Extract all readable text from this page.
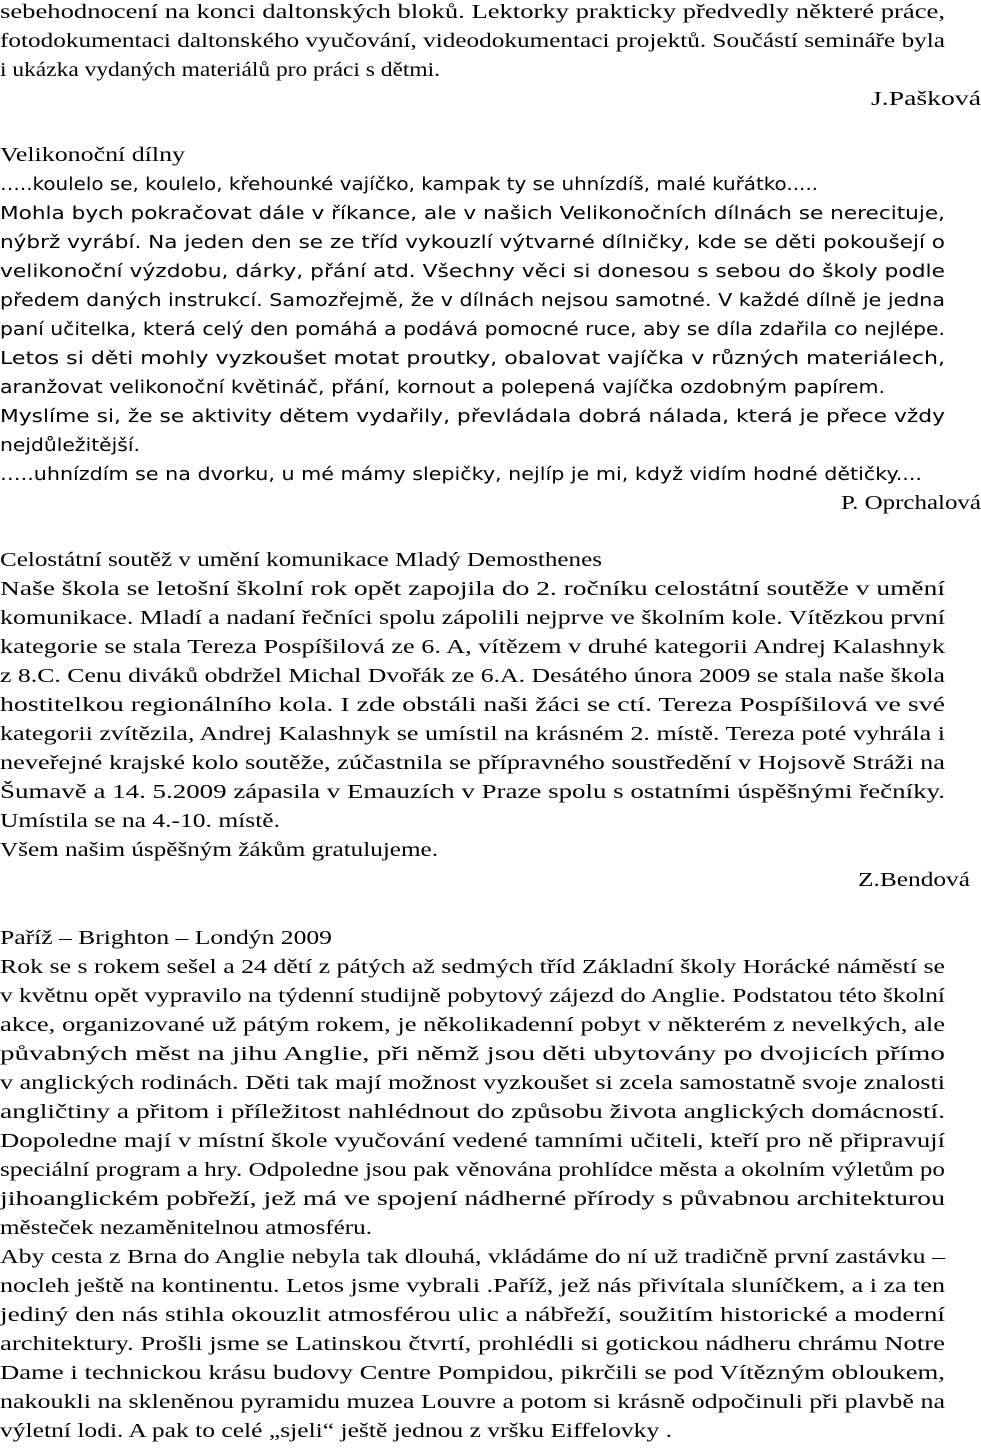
sebehodnocení na konci daltonských bloků. Lektorky prakticky předvedly některé práce,
fotodokumentaci daltonského vyučování, videodokumentaci projektů. Součástí semináře byla
i ukázka vydaných materiálů pro práci s dětmi.
J.Pašková
Velikonoční dílny
…..koulelo se, koulelo, křehounké vajíčko, kampak ty se uhnízdíš, malé kuřátko.....
Mohla bych pokračovat dále v říkance, ale v našich Velikonočních dílnách se nerecituje,
nýbrž vyrábí. Na jeden den se ze tříd vykouzlí výtvarné dílničky, kde se děti pokoušejí o
velikonoční výzdobu, dárky, přání atd. Všechny věci si donesou s sebou do školy podle
předem daných instrukcí. Samozřejmě, že v dílnách nejsou samotné. V každé dílně je jedna
paní učitelka, která celý den pomáhá a podává pomocné ruce, aby se díla zdařila co nejlépe.
Letos si děti mohly vyzkoušet motat proutky, obalovat vajíčka v různých materiálech,
aranžovat velikonoční květináč, přání, kornout a polepená vajíčka ozdobným papírem.
Myslíme si, že se aktivity dětem vydařily, převládala dobrá nálada, která je přece vždy
nejdůležitější.
…..uhnízdím se na dvorku, u mé mámy slepičky, nejlíp je mi, když vidím hodné dětičky....
P. Oprchalová
Celostátní soutěž v umění komunikace Mladý Demosthenes
Naše škola se letošní školní rok opět zapojila do 2. ročníku celostátní soutěže v umění
komunikace. Mladí a nadaní řečníci spolu zápolili nejprve ve školním kole. Vítězkou první
kategorie se stala Tereza Pospíšilová ze 6. A, vítězem v druhé kategorii Andrej Kalashnyk
z 8.C. Cenu diváků obdržel Michal Dvořák ze 6.A. Desátého února 2009 se stala naše škola
hostitelkou regionálního kola. I zde obstáli naši žáci se ctí. Tereza Pospíšilová ve své
kategorii zvítězila, Andrej Kalashnyk se umístil na krásném 2. místě. Tereza poté vyhrála i
neveřejné krajské kolo soutěže, zúčastnila se přípravného soustředění v Hojsově Stráži na
Šumavě a 14. 5.2009 zápasila v Emauzích v Praze spolu s ostatními úspěšnými řečníky.
Umístila se na 4.-10. místě.
Všem našim úspěšným žákům gratulujeme.
Z.Bendová
Paříž – Brighton – Londýn 2009
Rok se s rokem sešel a 24 dětí z pátých až sedmých tříd Základní školy Horácké náměstí se
v květnu opět vypravilo na týdenní studijně pobytový zájezd do Anglie. Podstatou této školní
akce, organizované už pátým rokem, je několikadenní pobyt v některém z nevelkých, ale
půvabných měst na jihu Anglie, při němž jsou děti ubytovány po dvojicích přímo
v anglických rodinách. Děti tak mají možnost vyzkoušet si zcela samostatně svoje znalosti
angličtiny a přitom i příležitost nahlédnout do způsobu života anglických domácností.
Dopoledne mají v místní škole vyučování vedené tamními učiteli, kteří pro ně připravují
speciální program a hry. Odpoledne jsou pak věnována prohlídce města a okolním výletům po
jihoanglickém pobřeží, jež má ve spojení nádherné přírody s půvabnou architekturou
městeček nezaměnitelnou atmosféru.
Aby cesta z Brna do Anglie nebyla tak dlouhá, vkládáme do ní už tradičně první zastávku –
nocleh ještě na kontinentu. Letos jsme vybrali .Paříž, jež nás přivítala sluníčkem, a i za ten
jediný den nás stihla okouzlit atmosférou ulic a nábřeží, soužitím historické a moderní
architektury. Prošli jsme se Latinskou čtvrtí, prohlédli si gotickou nádheru chrámu Notre
Dame i technickou krásu budovy Centre Pompidou, pikrčili se pod Vítězným obloukem,
nakoukli na skleněnou pyramidu muzea Louvre a potom si krásně odpočinuli při plavbě na
výletní lodi. A pak to celé „sjeli“ ještě jednou z vršku Eiffelovky .
